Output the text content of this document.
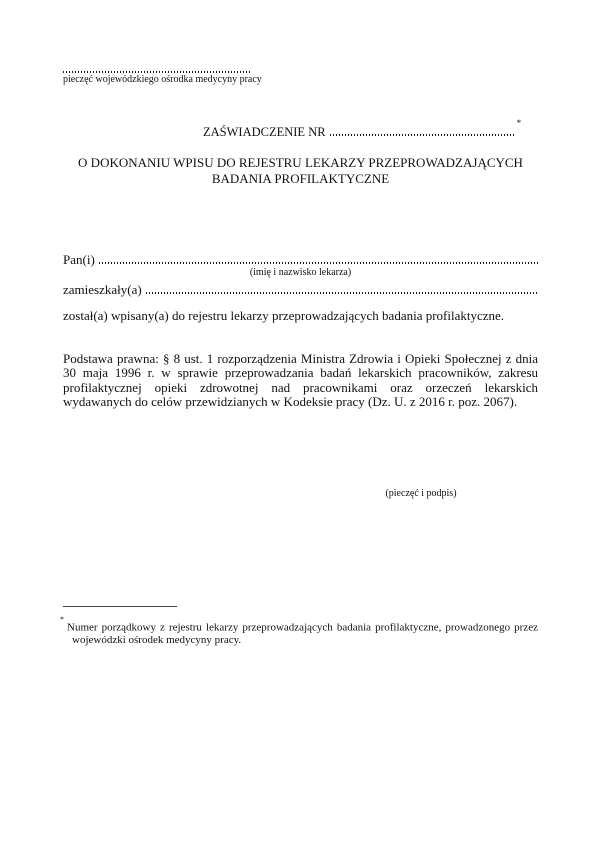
pieczęć wojewódzkiego ośrodka medycyny pracy
ZAŚWIADCZENIE NR*
O DOKONANIU WPISU DO REJESTRU LEKARZY PRZEPROWADZAJĄCYCH
BADANIA PROFILAKTYCZNE
Pan(i)
(imię i nazwisko lekarza)
zamieszkały(a)
został(a) wpisany(a) do rejestru lekarzy przeprowadzających badania profilaktyczne.
Podstawa prawna: § 8 ust. 1 rozporządzenia Ministra Zdrowia i Opieki Społecznej z dnia 30 maja 1996 r. w sprawie przeprowadzania badań lekarskich pracowników, zakresu profilaktycznej opieki zdrowotnej nad pracownikami oraz orzeczeń lekarskich wydawanych do celów przewidzianych w Kodeksie pracy (Dz. U. z 2016 r. poz. 2067).
(pieczęć i podpis)
*Numer porządkowy z rejestru lekarzy przeprowadzających badania profilaktyczne, prowadzonego przez wojewódzki ośrodek medycyny pracy.
